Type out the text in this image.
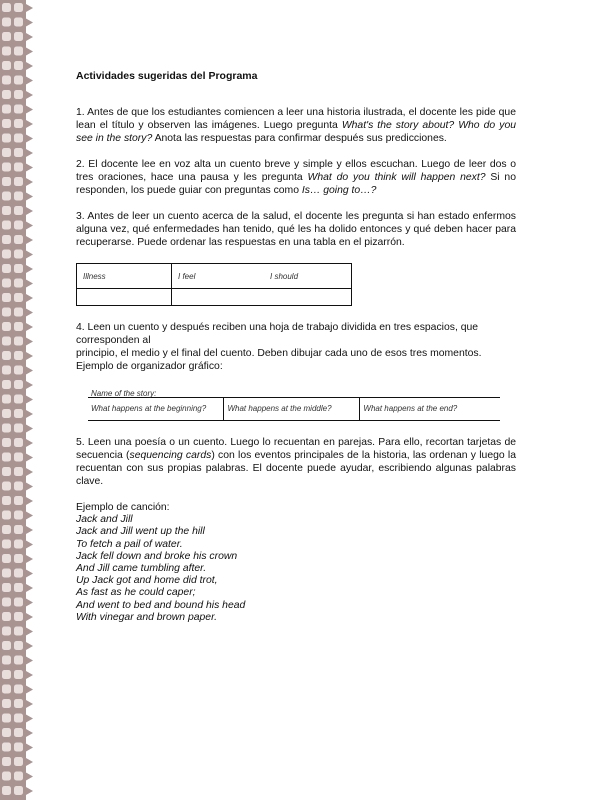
Actividades sugeridas del Programa

1. Antes de que los estudiantes comiencen a leer una historia ilustrada, el docente les pide que lean el título y observen las imágenes. Luego pregunta What's the story about? Who do you see in the story? Anota las respuestas para confirmar después sus predicciones.

2. El docente lee en voz alta un cuento breve y simple y ellos escuchan. Luego de leer dos o tres oraciones, hace una pausa y les pregunta What do you think will happen next? Si no responden, los puede guiar con preguntas como Is… going to…?

3. Antes de leer un cuento acerca de la salud, el docente les pregunta si han estado enfermos alguna vez, qué enfermedades han tenido, qué les ha dolido entonces y qué deben hacer para recuperarse. Puede ordenar las respuestas en una tabla en el pizarrón.

Illness	I feel	I should

4. Leen un cuento y después reciben una hoja de trabajo dividida en tres espacios, que corresponden al

principio, el medio y el final del cuento. Deben dibujar cada uno de esos tres momentos. Ejemplo de organizador gráfico:

Name of the story:
What happens at the beginning?	What happens at the middle?	What happens at the end?

5. Leen una poesía o un cuento. Luego lo recuentan en parejas. Para ello, recortan tarjetas de secuencia (sequencing cards) con los eventos principales de la historia, las ordenan y luego la recuentan con sus propias palabras. El docente puede ayudar, escribiendo algunas palabras clave.

Ejemplo de canción:
Jack and Jill
Jack and Jill went up the hill
To fetch a pail of water.
Jack fell down and broke his crown
And Jill came tumbling after.
Up Jack got and home did trot,
As fast as he could caper;
And went to bed and bound his head
With vinegar and brown paper.
